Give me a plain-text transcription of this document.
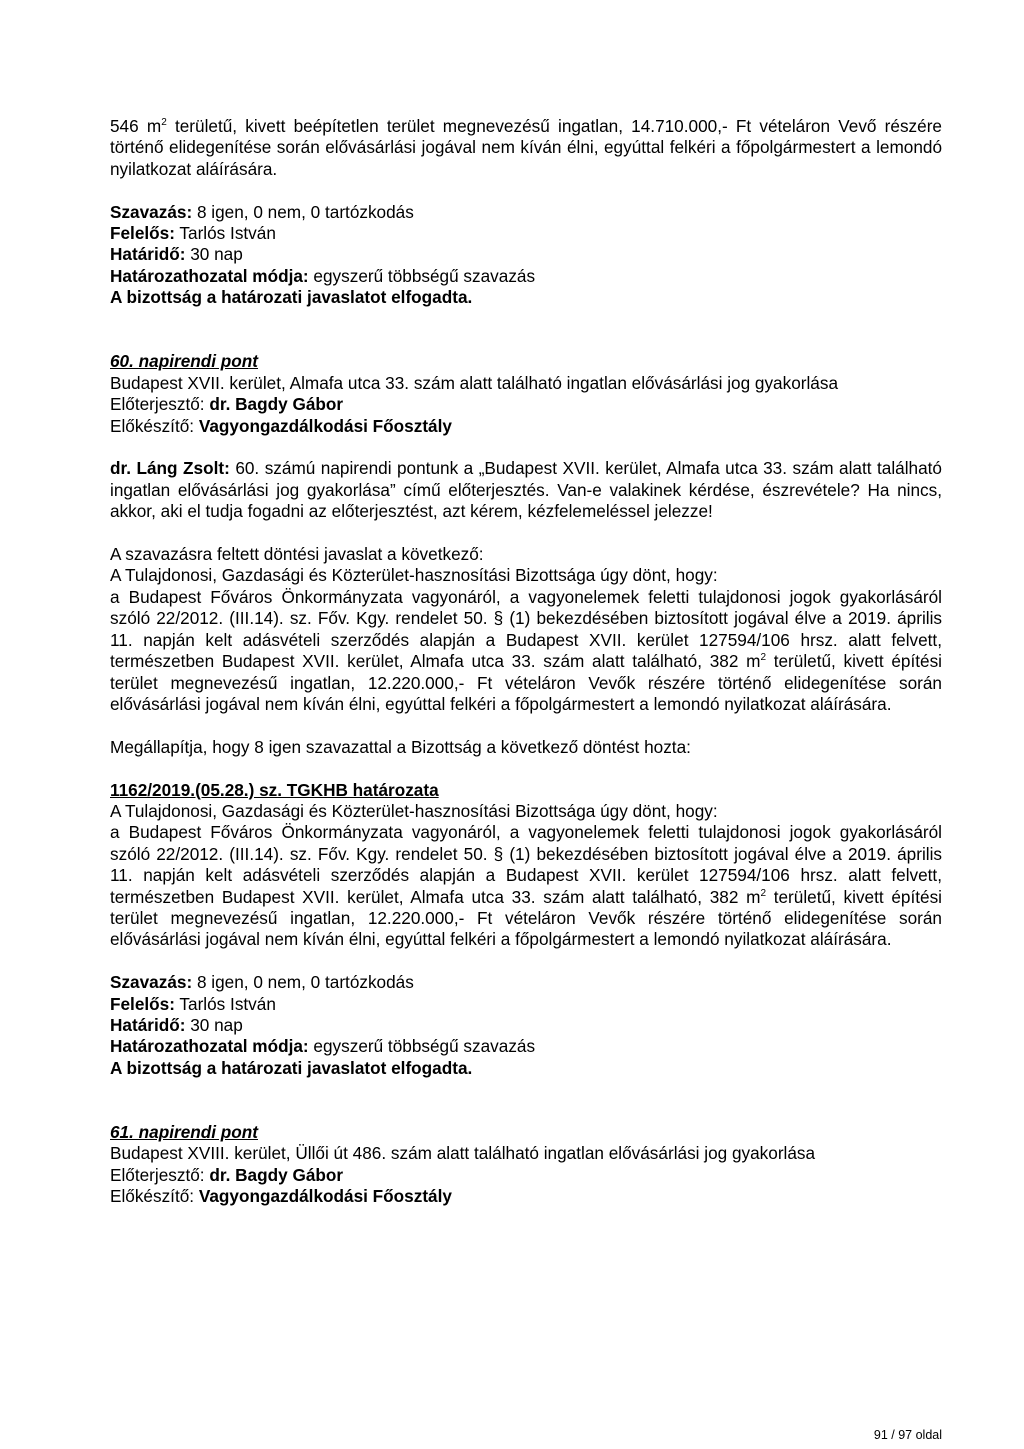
546 $m^2$ területű, kivett beépítetlen terület megnevezésű ingatlan, 14.710.000,- Ft vételáron Vevő részére történő elidegenítése során elővásárlási jogával nem kíván élni, egyúttal felkéri a főpolgármestert a lemondó nyilatkozat aláírására.

Szavazás: 8 igen, 0 nem, 0 tartózkodás

Felelős: Tarlós István

Határidő: 30 nap

Határozathozatal módja: egyszerű többségű szavazás

A bizottság a határozati javaslatot elfogadta.

60. napirendi pont

Budapest XVII. kerület, Almafa utca 33. szám alatt található ingatlan elővásárlási jog gyakorlása

Előterjesztő: dr. Bagdy Gábor

Előkészítő: Vagyongazdálkodási Főosztály

dr. Láng Zsolt: 60. számú napirendi pontunk a „Budapest XVII. kerület, Almafa utca 33. szám alatt található ingatlan elővásárlási jog gyakorlása” című előterjesztés. Van-e valakinek kérdése, észrevétele? Ha nincs, akkor, aki el tudja fogadni az előterjesztést, azt kérem, kézfelemeléssel jelezze!

A szavazásra feltett döntési javaslat a következő:

A Tulajdonosi, Gazdasági és Közterület-hasznosítási Bizottsága úgy dönt, hogy:

a Budapest Főváros Önkormányzata vagyonáról, a vagyonelemek feletti tulajdonosi jogok gyakorlásáról szóló 22/2012. (III.14). sz. Főv. Kgy. rendelet 50. § (1) bekezdésében biztosított jogával élve a 2019. április 11. napján kelt adásvételi szerződés alapján a Budapest XVII. kerület 127594/106 hrsz. alatt felvett, természetben Budapest XVII. kerület, Almafa utca 33. szám alatt található, 382 $m^2$ területű, kivett építési terület megnevezésű ingatlan, 12.220.000,- Ft vételáron Vevők részére történő elidegenítése során elővásárlási jogával nem kíván élni, egyúttal felkéri a főpolgármestert a lemondó nyilatkozat aláírására.

Megállapítja, hogy 8 igen szavazattal a Bizottság a következő döntést hozta:

1162/2019.(05.28.) sz. TGKHB határozata

A Tulajdonosi, Gazdasági és Közterület-hasznosítási Bizottsága úgy dönt, hogy:

a Budapest Főváros Önkormányzata vagyonáról, a vagyonelemek feletti tulajdonosi jogok gyakorlásáról szóló 22/2012. (III.14). sz. Főv. Kgy. rendelet 50. § (1) bekezdésében biztosított jogával élve a 2019. április 11. napján kelt adásvételi szerződés alapján a Budapest XVII. kerület 127594/106 hrsz. alatt felvett, természetben Budapest XVII. kerület, Almafa utca 33. szám alatt található, 382 $m^2$ területű, kivett építési terület megnevezésű ingatlan, 12.220.000,- Ft vételáron Vevők részére történő elidegenítése során elővásárlási jogával nem kíván élni, egyúttal felkéri a főpolgármestert a lemondó nyilatkozat aláírására.

Szavazás: 8 igen, 0 nem, 0 tartózkodás

Felelős: Tarlós István

Határidő: 30 nap

Határozathozatal módja: egyszerű többségű szavazás

A bizottság a határozati javaslatot elfogadta.

61. napirendi pont

Budapest XVIII. kerület, Üllői út 486. szám alatt található ingatlan elővásárlási jog gyakorlása

Előterjesztő: dr. Bagdy Gábor

Előkészítő: Vagyongazdálkodási Főosztály

91 / 97 oldal
